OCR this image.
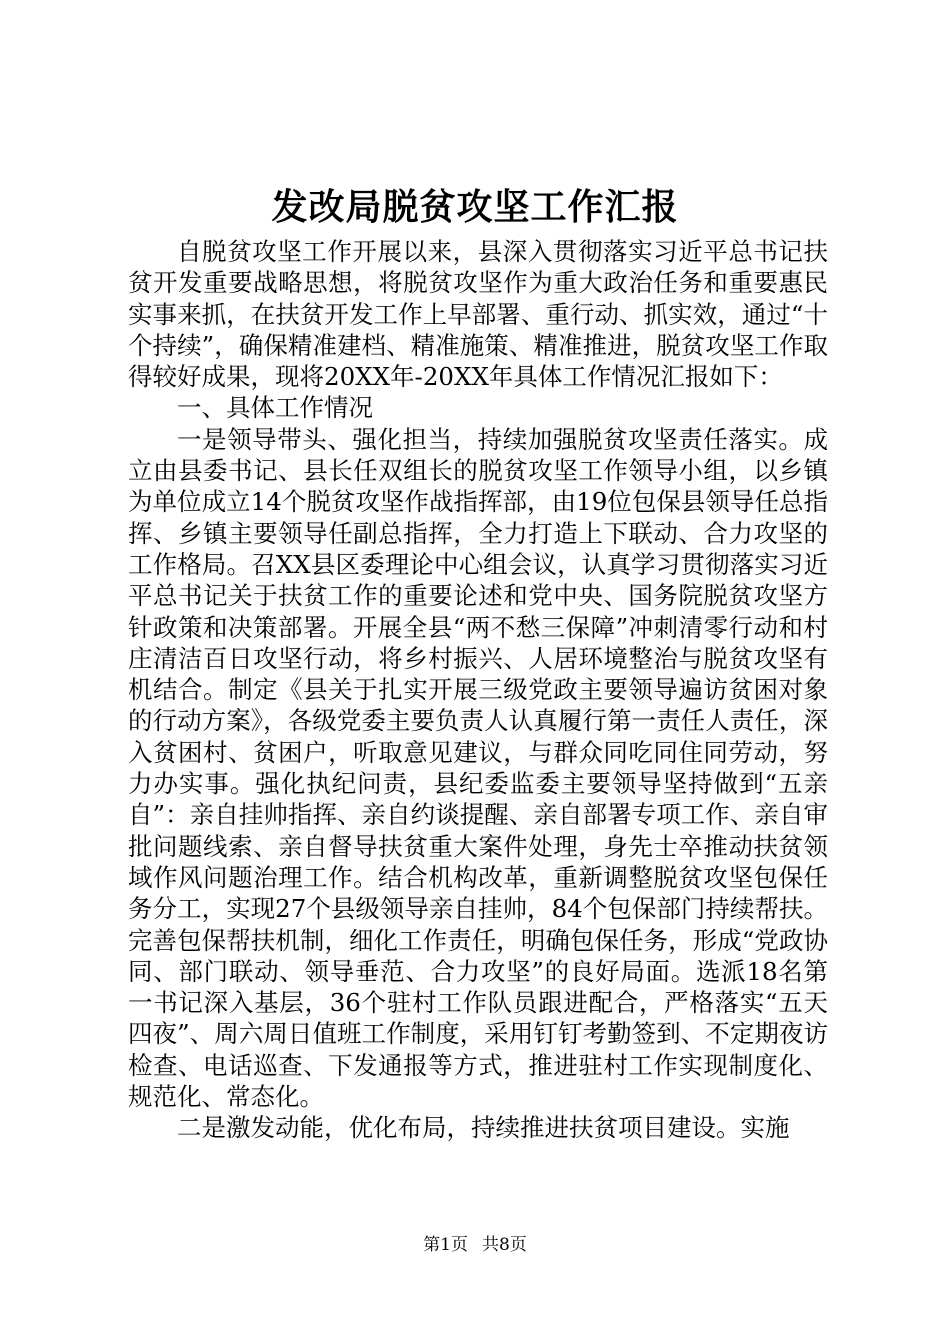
发改局脱贫攻坚工作汇报

自脱贫攻坚工作开展以来，县深入贯彻落实习近平总书记扶贫开发重要战略思想，将脱贫攻坚作为重大政治任务和重要惠民实事来抓，在扶贫开发工作上早部署、重行动、抓实效，通过“十个持续”，确保精准建档、精准施策、精准推进，脱贫攻坚工作取得较好成果，现将20XX年-20XX年具体工作情况汇报如下：

一、具体工作情况

一是领导带头、强化担当，持续加强脱贫攻坚责任落实。成立由县委书记、县长任双组长的脱贫攻坚工作领导小组，以乡镇为单位成立14个脱贫攻坚作战指挥部，由19位包保县领导任总指挥、乡镇主要领导任副总指挥，全力打造上下联动、合力攻坚的工作格局。召XX县区委理论中心组会议，认真学习贯彻落实习近平总书记关于扶贫工作的重要论述和党中央、国务院脱贫攻坚方针政策和决策部署。开展全县“两不愁三保障”冲刺清零行动和村庄清洁百日攻坚行动，将乡村振兴、人居环境整治与脱贫攻坚有机结合。制定《县关于扎实开展三级党政主要领导遍访贫困对象的行动方案》，各级党委主要负责人认真履行第一责任人责任，深入贫困村、贫困户，听取意见建议，与群众同吃同住同劳动，努力办实事。强化执纪问责，县纪委监委主要领导坚持做到“五亲自”：亲自挂帅指挥、亲自约谈提醒、亲自部署专项工作、亲自审批问题线索、亲自督导扶贫重大案件处理，身先士卒推动扶贫领域作风问题治理工作。结合机构改革，重新调整脱贫攻坚包保任务分工，实现27个县级领导亲自挂帅，84个包保部门持续帮扶。完善包保帮扶机制，细化工作责任，明确包保任务，形成“党政协同、部门联动、领导垂范、合力攻坚”的良好局面。选派18名第一书记深入基层，36个驻村工作队员跟进配合，严格落实“五天四夜”、周六周日值班工作制度，采用钉钉考勤签到、不定期夜访检查、电话巡查、下发通报等方式，推进驻村工作实现制度化、规范化、常态化。

二是激发动能，优化布局，持续推进扶贫项目建设。实施

第1页 共8页
